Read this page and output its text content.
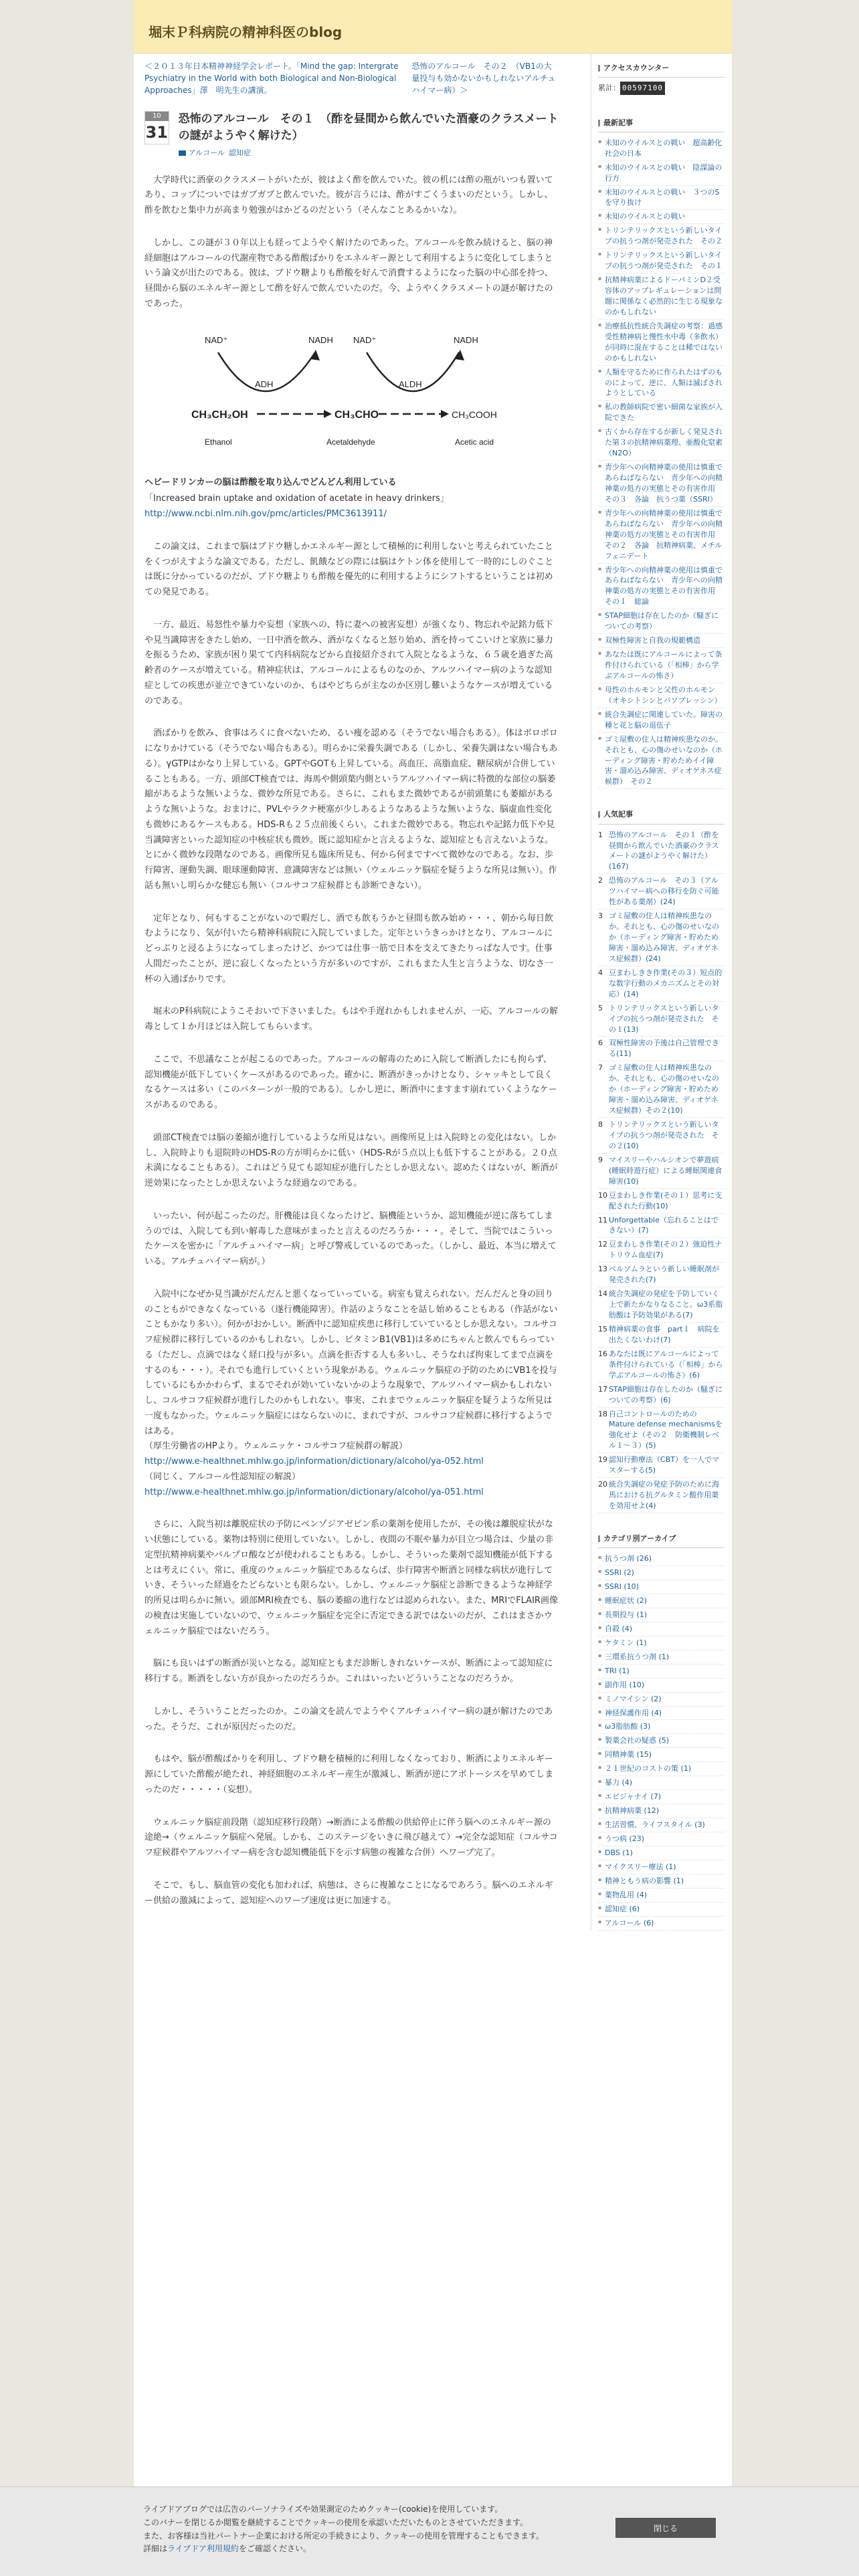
堀末Ｐ科病院の精神科医のblog
＜２０１３年日本精神神経学会レポート。「Mind the gap: Intergrate Psychiatry in the World with both Biological and Non-Biological Approaches」澤　明先生の講演。
恐怖のアルコール　その２　（VB1の大量投与も効かないかもしれないアルチュハイマー病）＞
10
31
恐怖のアルコール　その１　（酢を昼間から飲んでいた酒豪のクラスメートの謎がようやく解けた）
アルコール 認知症

大学時代に酒豪のクラスメートがいたが、彼はよく酢を飲んでいた。彼の机には酢の瓶がいつも置いてあり、コップについではガブガブと飲んでいた。彼が言うには、酢がすごくうまいのだという。しかし、酢を飲むと集中力が高まり勉強がはかどるのだという（そんなことあるかいな）。

しかし、この謎が３０年以上も経ってようやく解けたのであった。アルコールを飲み続けると、脳の神経細胞はアルコールの代謝産物である酢酸ばかりをエネルギー源として利用するように変化してしまうという論文が出たのである。彼は、ブドウ糖よりも酢酸を好んで消費するようになった脳の中心部を持つ、昼間から脳のエネルギー源として酢を好んで飲んでいたのだ。今、ようやくクラスメートの謎が解けたのであった。

NAD⁺	NADH NAD⁺	NADH
ADH	ALDH
CH₃CH₂OH	CH₃CHO	CH₃COOH
Ethanol	Acetaldehyde	Acetic acid
ヘビードリンカーの脳は酢酸を取り込んでどんどん利用している

「Increased brain uptake and oxidation of acetate in heavy drinkers」
http://www.ncbi.nlm.nih.gov/pmc/articles/PMC3613911/

この論文は、これまで脳はブドウ糖しかエネルギー源として積極的に利用しないと考えられていたことをくつがえすような論文である。ただし、飢餓などの際には脳はケトン体を使用して一時的にしのぐことは既に分かっているのだが、ブドウ糖よりも酢酸を優先的に利用するようにシフトするということは初めての発見である。

一方、最近、易怒性や暴力や妄想（家族への、特に妻への被害妄想）が強くなり、物忘れや記銘力低下や見当識障害をきたし始め、一日中酒を飲み、酒がなくなると怒り始め、酒を持ってこいけと家族に暴力を振るうため、家族が困り果てて内科病院などから直接紹介されて入院となるような、６５歳を過ぎた高齢者のケースが増えている。精神症状は、アルコールによるものなのか、アルツハイマー病のような認知症としての疾患が並立できていないのか、もはやどちらが主なのか区別し難いようなケースが増えているのである。

酒ばかりを飲み、食事はろくに食べないため、るい痩を認める（そうでない場合もある）。体はボロボロになりかけている（そうでない場合もある）。明らかに栄養失調である（しかし、栄養失調はない場合もある）。γGTPはかなり上昇している。GPTやGOTも上昇している。高血圧、高脂血症、糖尿病が合併していることもある。一方、頭部CT検査では、海馬や側頭葉内側というアルツハイマー病に特徴的な部位の脳萎縮があるような無いような、微妙な所見である。さらに、これもまた微妙であるが前頭葉にも萎縮があるような無いような。おまけに、PVLやラクナ梗塞が少しあるようなあるような無いような、脳虚血性変化も微妙にあるケースもある。HDS-Rも２５点前後くらい。これまた微妙である。物忘れや記銘力低下や見当識障害といった認知症の中核症状も微妙。既に認知症かと言えるような、認知症とも言えないような。とにかく微妙な段階なのである。画像所見も臨床所見も、何から何まですべて微妙なのである。なお、歩行障害、運動失調、眼球運動障害、意識障害などは無い（ウェルニッケ脳症を疑うような所見は無い）。作話も無いし明らかな健忘も無い（コルサコフ症候群とも診断できない）。

定年となり、何もすることがないので暇だし、酒でも飲もうかと昼間も飲み始め・・・、朝から毎日飲むようになり、気が付いたら精神科病院に入院していました。定年というきっかけとなり、アルコールにどっぷりと浸るようになってしまったけど、かつては仕事一筋で日本を支えてきたりっぱな人です。仕事人間だったことが、逆に寂しくなったという方が多いのですが、これもまた人生と言うような、切なさ一杯の入通ばかりです。

堀末のP科病院にようこそおいで下さいました。もはや手遅れかもしれませんが、一応、アルコールの解毒として１か月ほどは入院してもらいます。

ここで、不思議なことが起こるのであった。アルコールの解毒のために入院して断酒したにも拘らず、認知機能が低下していくケースがあるのであった。確かに、断酒がきっかけとなり、シャッキとして良くなるケースは多い（このパターンが一般的である）。しかし逆に、断酒中にますます崩れていくようなケースがあるのである。

頭部CT検査では脳の萎縮が進行しているような所見はない。画像所見上は入院時との変化はない。しかし、入院時よりも退院時のHDS-Rの方が明らかに低い（HDS-Rが５点以上も低下することがある。２０点未満になることもある）。これはどう見ても認知症が進行したとしか思えない。認めたくはないが、断酒が逆効果になったとしか思えないような経過なのである。

いったい、何が起こったのだ。肝機能は良くなったけど、脳機能というか、認知機能が逆に落ちてしまうのでは、入院しても到い解毒した意味がまったと言えるのだろうか・・・。そして、当院ではこういったケースを密かに「アルチュハイマー病」と呼び警戒しているのであった。（しかし、最近、本当に増えている。アルチュハイマー病が。）

入院中になぜか見当識がだんだんと悪くなっていっている。病室も覚えられない。だんだんと身の回りのこともができなくなっている（遂行機能障害）。作話のようなことを話し始めることもある（作話がないこともかなり多い）。何かがおかしい。断酒中に認知症疾患に移行していているとしか思えない。コルサコフ症候群に移行しているのかもしれない。しかし、ビタミンB1(VB1)は多めにちゃんと飲んでもらっている（ただし、点滴ではなく経口投与が多い。点滴を拒否する人も多いし、そうなれば拘束してまで点滴をするのも・・・）。それでも進行していくという現象がある。ウェルニッケ脳症の予防のためにVB1を投与しているにもかかわらず、まるでそれが効いていないかのような現象で、アルツハイマー病かもしれないし、コルサコフ症候群が進行したのかもしれない。事実、これまでウェルニッケ脳症を疑うような所見は一度もなかった。ウェルニッケ脳症にはならないのに、まれですが、コルサコフ症候群に移行するようではある。

（厚生労働省のHPより。ウェルニッケ・コルサコフ症候群の解説）
http://www.e-healthnet.mhlw.go.jp/information/dictionary/alcohol/ya-052.html
（同じく、アルコール性認知症の解説）
http://www.e-healthnet.mhlw.go.jp/information/dictionary/alcohol/ya-051.html

さらに、入院当初は離脱症状の予防にベンゾジアゼピン系の薬剤を使用したが、その後は離脱症状がない状態にしている。薬物は特別に使用していない。しかし、夜間の不眠や暴力が目立つ場合は、少量の非定型抗精神病薬やバルプロ酸などが使われることもある。しかし、そういった薬剤で認知機能が低下するとは考えにくい。常に、重度のウェルニッケ脳症であるならば、歩行障害や断酒と同様な病状が進行していき、そういった経過をたどらないとも限らない。しかし、ウェルニッケ脳症と診断できるような神経学的所見は明らかに無い。頭部MRI検査でも、脳の萎縮の進行などは認められない。また、MRIでFLAIR画像の検査は実施していないので、ウェルニッケ脳症を完全に否定できる訳ではないのだが、これはまさかウェルニッケ脳症ではないだろう。

脳にも良いはずの断酒が災いとなる。認知症ともまだ診断しきれないケースが、断酒によって認知症に移行する。断酒をしない方が良かったのだろうか。これはいったいどういうことなのだろうか。

しかし、そういうことだったのか。この論文を読んでようやくアルチュハイマー病の謎が解けたのであった。そうだ、これが原因だったのだ。

もはや、脳が酢酸ばかりを利用し、ブドウ糖を積極的に利用しなくなっており、断酒によりエネルギー源にしていた酢酸が絶たれ、神経細胞のエネルギー産生が激減し、断酒が逆にアポトーシスを早めてしまったのだ・・・・・（妄想）。

ウェルニッケ脳症前段階（認知症移行段階）→断酒による酢酸の供給停止に伴う脳へのエネルギー源の途絶→（ウェルニッケ脳症へ発展。しかも、このステージをいきに飛び越えて）→完全な認知症（コルサコフ症候群やアルツハイマー病を含む認知機能低下を示す病態の複雑な合併）へワープ完了。

そこで、もし、脳血管の変化も加われば、病態は、さらに複雑なことになるであろう。脳へのエネルギー供給の激減によって、認知症へのワープ速度は更に加速する。

アクセスカウンター
累計： 00597100
最新記事
▪ 未知のウイルスとの戦い　超高齢化社会の日本
▪ 未知のウイルスとの戦い　陰謀論の行方
▪ 未知のウイルスとの戦い　３つのSを守り抜け
▪ 未知のウイルスとの戦い
▪ トリンテリックスという新しいタイプの抗うつ剤が発売された　その２
▪ トリンテリックスという新しいタイプの抗うつ剤が発売された　その１
▪ 抗精神病薬によるドーパミンD２受容体のアップレギュレーションは問題に関係なく必然的に生じる現象なのかもしれない
▪ 治療抵抗性統合失調症の考察：過感受性精神病と慢性水中毒（多飲水）が同時に混在することは稀ではないのかもしれない
▪ 人類を守るために作られたはずのものによって、逆に、人類は滅ぼされようとしている
▪ 私の教師病院で密い細菌な家族が入院できた
▪ 古くから存在するが新しく発見された第３の抗精神病薬理、亜酸化窒素（N2O）
▪ 青少年への向精神薬の使用は慎重であらねばならない　青少年への向精神薬の処方の実態とその有害作用　その３　各論　抗うつ薬（SSRI）
▪ 青少年への向精神薬の使用は慎重であらねばならない　青少年への向精神薬の処方の実態とその有害作用　その２　各論　抗精神病薬、メチルフェニデート
▪ 青少年への向精神薬の使用は慎重であらねばならない　青少年への向精神薬の処方の実態とその有害作用　その１　総論
▪ STAP細胞は存在したのか（騒ぎについての考察）
▪ 双極性障害と自我の規範構造
▪ あなたは既にアルコールによって条件付けられている（「相棒」から学ぶアルコールの怖さ）
▪ 母性のホルモンと父性のホルモン（オキシトシンとバソプレッシン）
▪ 統合失調症に関連していた。障害の種と花と脳の退伍子
▪ ゴミ屋敷の住人は精神疾患なのか。それとも、心の傷のせいなのか（ホーディング障害・貯めためイイ障害・溜め込み障害、ディオゲネス症候群）　その２
人気記事
1 恐怖のアルコール　その１（酢を昼間から飲んでいた酒豪のクラスメートの謎がようやく解けた）(167)
2 恐怖のアルコール　その３（アルツハイマー病への移行を防ぐ可能性がある薬剤）(24)
3 ゴミ屋敷の住人は精神疾患なのか。それとも、心の傷のせいなのか（ホーディング障害・貯めため障害・溜め込み障害、ディオゲネス症候群）(24)
4 豆まわしきき作業(その３）短点的な数字行動のメカニズムとその対応）(14)
5 トリンテリックスという新しいタイプの抗うつ剤が発売された　その１(13)
6 双極性障害の予後は自己管理できる(11)
7 ゴミ屋敷の住人は精神疾患なのか。それとも、心の傷のせいなのか（ホーディング障害・貯めため障害・溜め込み障害、ディオゲネス症候群）その２(10)
8 トリンテリックスという新しいタイプの抗うつ剤が発売された　その２(10)
9 マイスリーやハルシオンで夢遊病(睡眠時遊行症）による睡眠関連食障害(10)
10 豆まわしき作業(その１）思考に支配された行動(10)
11 Unforgettable（忘れることはできない）(7)
12 豆まわしき作業(その２）強迫性ナトリウム血症(7)
13 ベルソムラという新しい睡眠剤が発売された(7)
14 統合失調症の発症を予防していく上で新たかなりなること。ω3系脂肪酸は予防効果がある(7)
15 精神病薬の食事　part１　病院を出たくないわけ(7)
16 あなたは既にアルコールによって条件付けられている（「相棒」から学ぶアルコールの怖さ）(6)
17 STAP細胞は存在したのか（騒ぎについての考察）(6)
18 自己コントロールのための Mature defense mechanismsを強化せよ（その２　防衛機制レベル１～３）(5)
19 認知行動療法（CBT）を一人でマスターする(5)
20 統合失調症の発症予防のために海馬における抗グルタミン酸作用薬を効用せよ(4)
カテゴリ別アーカイブ
▪ 抗うつ剤 (26)
▪ SSRI (2)
▪ SSRI (10)
▪ 睡眠症状 (2)
▪ 長期投与 (1)
▪ 自殺 (4)
▪ ケタミン (1)
▪ 三環系抗うつ剤 (1)
▪ TRI (1)
▪ 副作用 (10)
▪ ミノマイシン (2)
▪ 神経保護作用 (4)
▪ ω3脂肪酸 (3)
▪ 製薬会社の疑惑 (5)
▪ 同精神薬 (15)
▪ ２１世紀のコストの策 (1)
▪ 暴力 (4)
▪ エピジャナイ (7)
▪ 抗精神病薬 (12)
▪ 生活習慣、ライフスタイル (3)
▪ うつ病 (23)
▪ DBS (1)
▪ マイクスリー療法 (1)
▪ 精神ともう病の影響 (1)
▪ 薬物乱用 (4)
▪ 認知症 (6)
▪ アルコール (6)
ライブドアブログでは広告のパーソナライズや効果測定のためクッキー(cookie)を使用しています。
このバナーを閉じるか閲覧を継続することでクッキーの使用を承認いただいたものとさせていただきます。
また、お客様は当社パートナー企業における所定の手続きにより、クッキーの使用を管理することもできます。
詳細はライブドア利用規約をご確認ください。
閉じる
